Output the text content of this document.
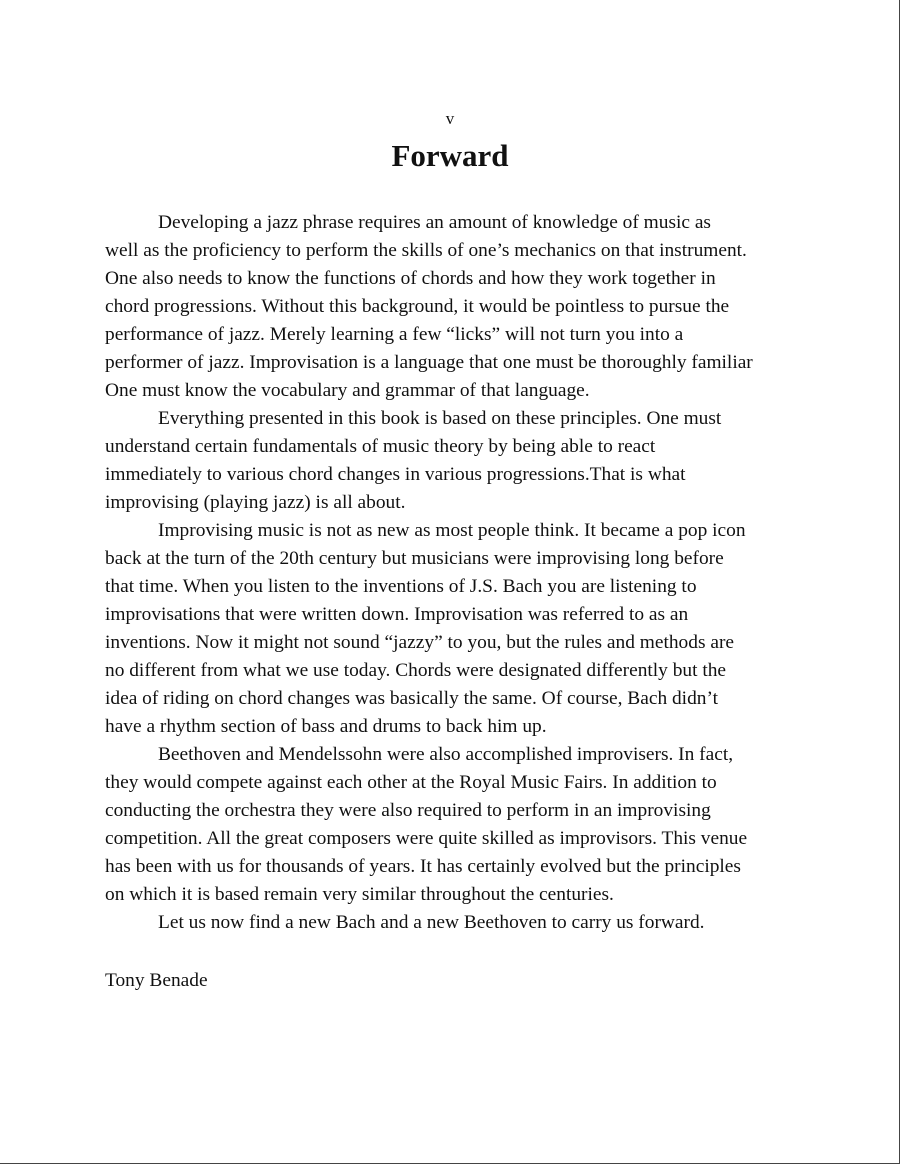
v
Forward
Developing a jazz phrase requires an amount of knowledge of music as
well as the proficiency to perform the skills of one’s mechanics on that instrument.
One also needs to know the functions of chords and how they work together in
chord progressions. Without this background, it would be pointless to pursue the
performance of jazz. Merely learning a few “licks” will not turn you into a
performer of jazz. Improvisation is a language that one must be thoroughly familiar
One must know the vocabulary and grammar of that language.
Everything presented in this book is based on these principles. One must
understand certain fundamentals of music theory by being able to react
immediately to various chord changes in various progressions.That is what
improvising (playing jazz) is all about.
Improvising music is not as new as most people think. It became a pop icon
back at the turn of the 20th century but musicians were improvising long before
that time. When you listen to the inventions of J.S. Bach you are listening to
improvisations that were written down. Improvisation was referred to as an
inventions. Now it might not sound “jazzy” to you, but the rules and methods are
no different from what we use today. Chords were designated differently but the
idea of riding on chord changes was basically the same. Of course, Bach didn’t
have a rhythm section of bass and drums to back him up.
Beethoven and Mendelssohn were also accomplished improvisers. In fact,
they would compete against each other at the Royal Music Fairs. In addition to
conducting the orchestra they were also required to perform in an improvising
competition. All the great composers were quite skilled as improvisors. This venue
has been with us for thousands of years. It has certainly evolved but the principles
on which it is based remain very similar throughout the centuries.
Let us now find a new Bach and a new Beethoven to carry us forward.
Tony Benade
